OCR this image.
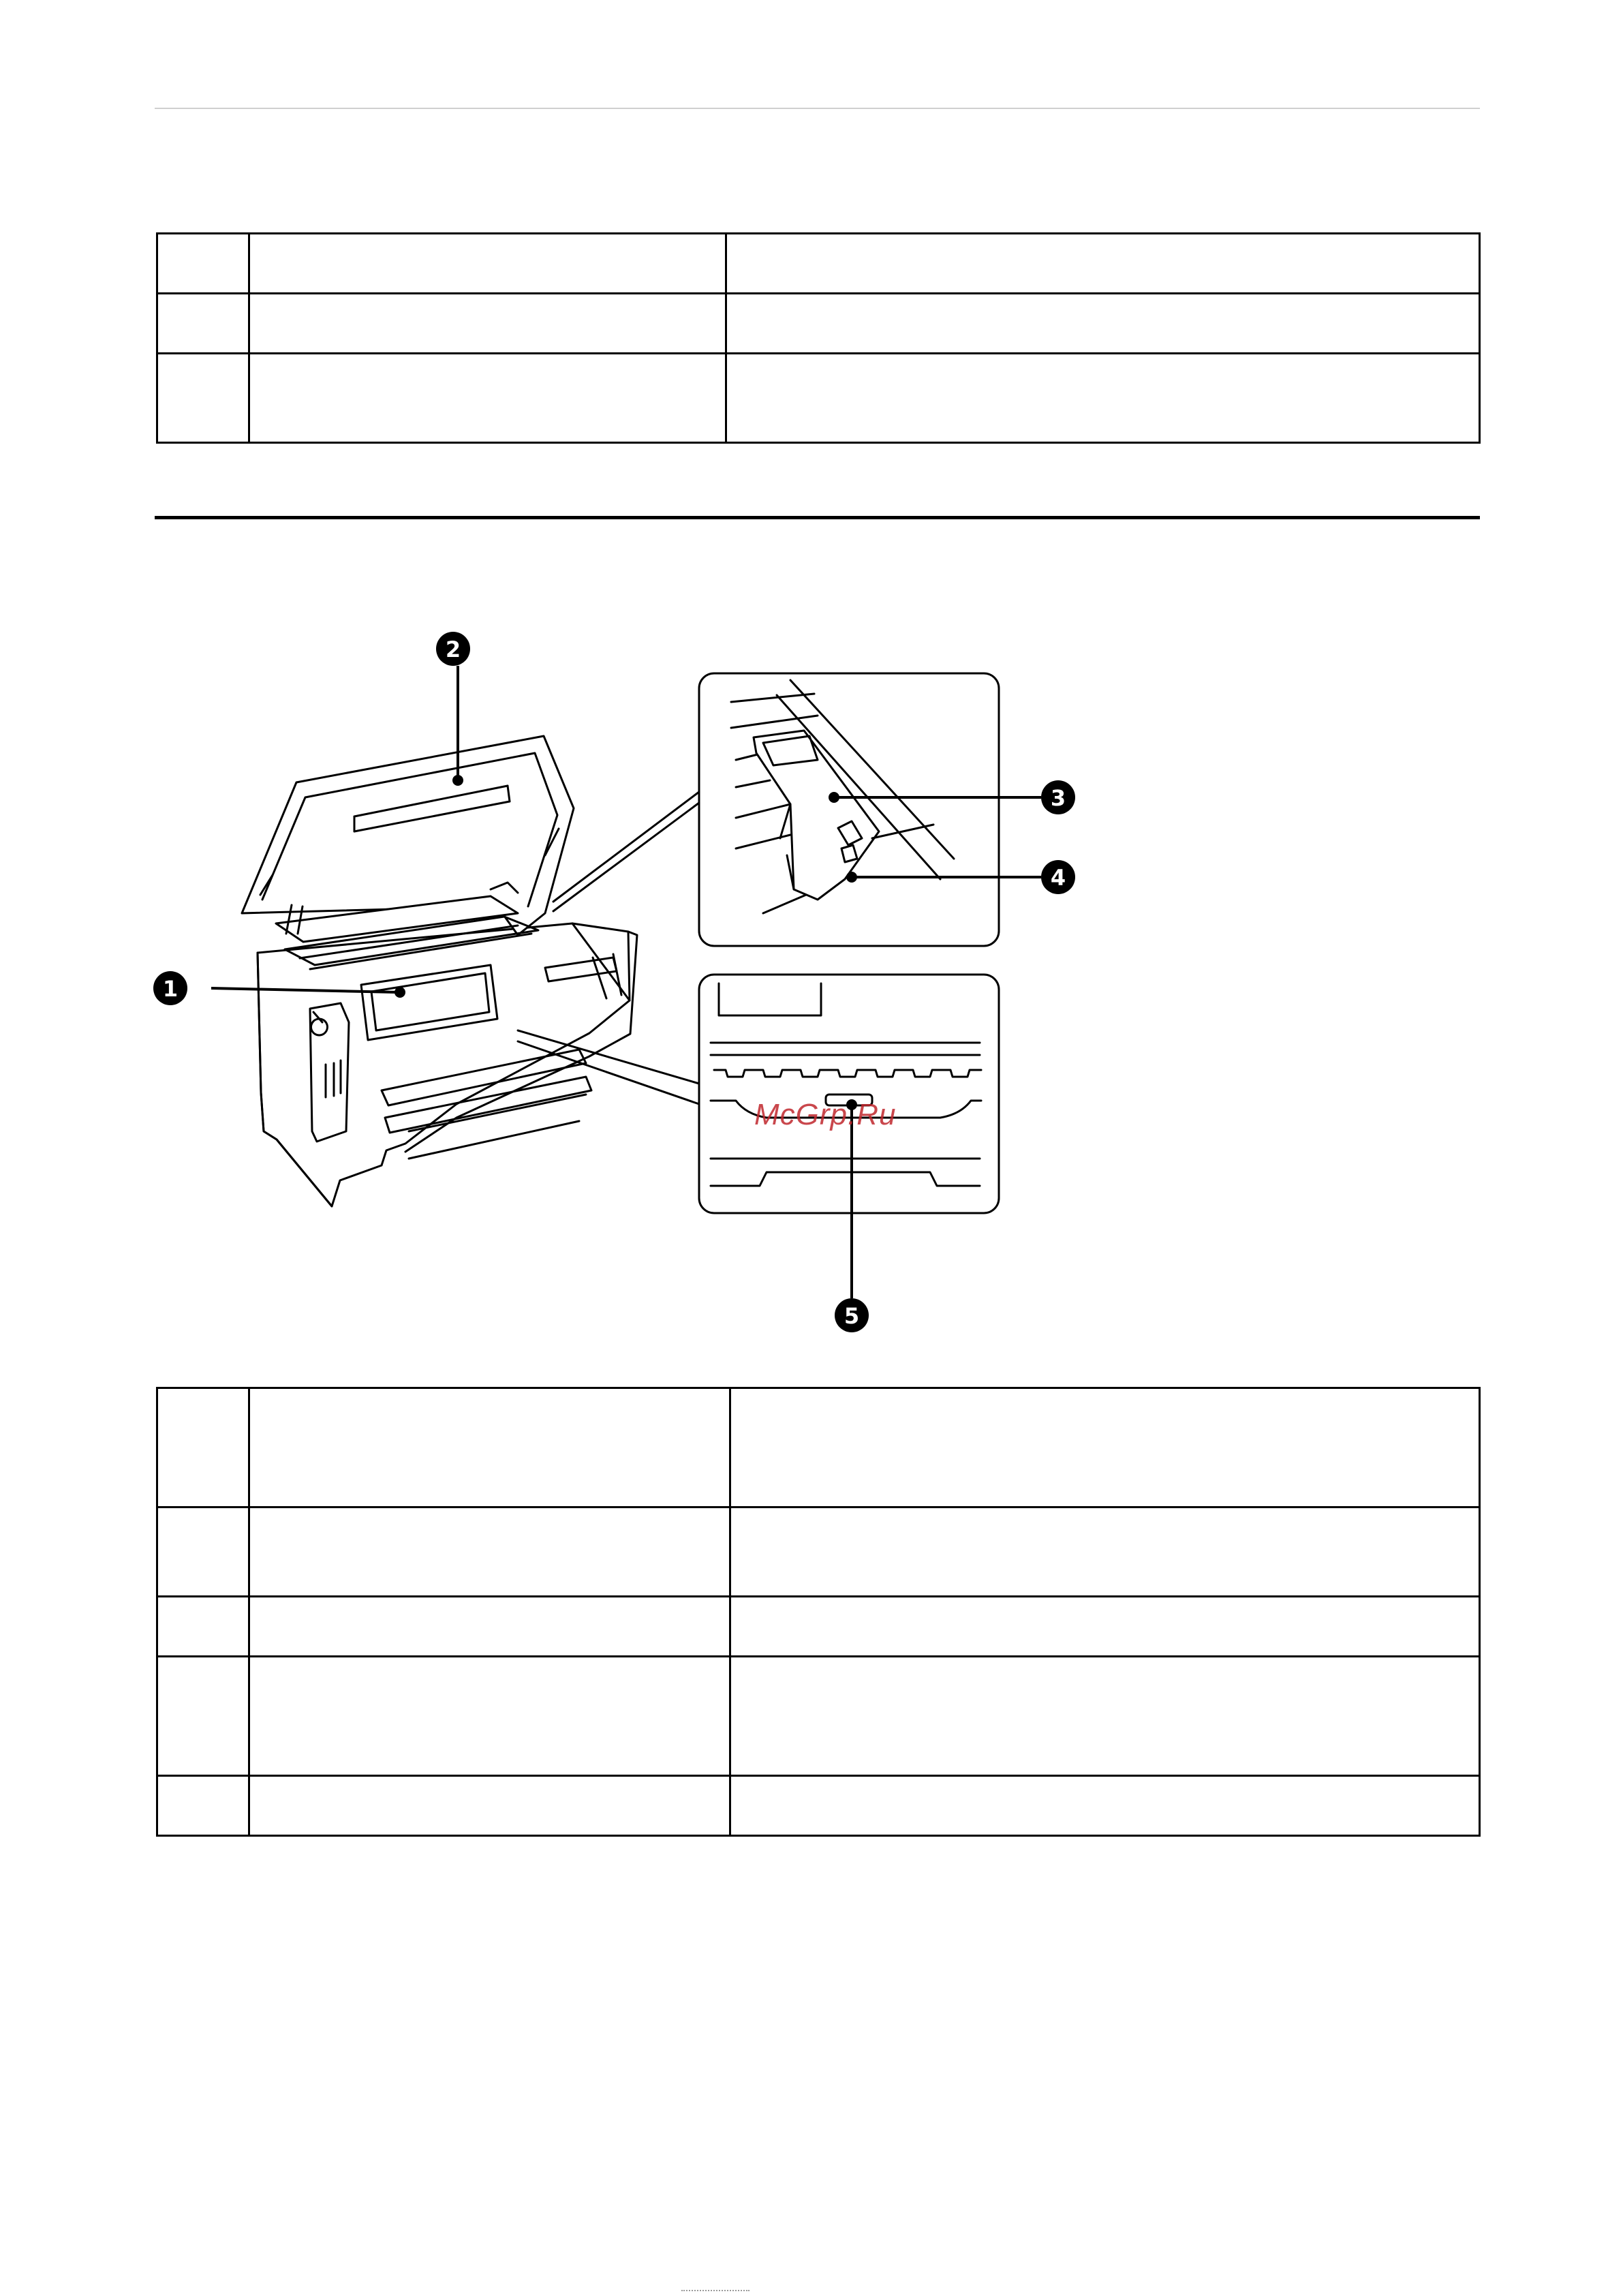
2
1
3
4
5
McGrp.Ru
